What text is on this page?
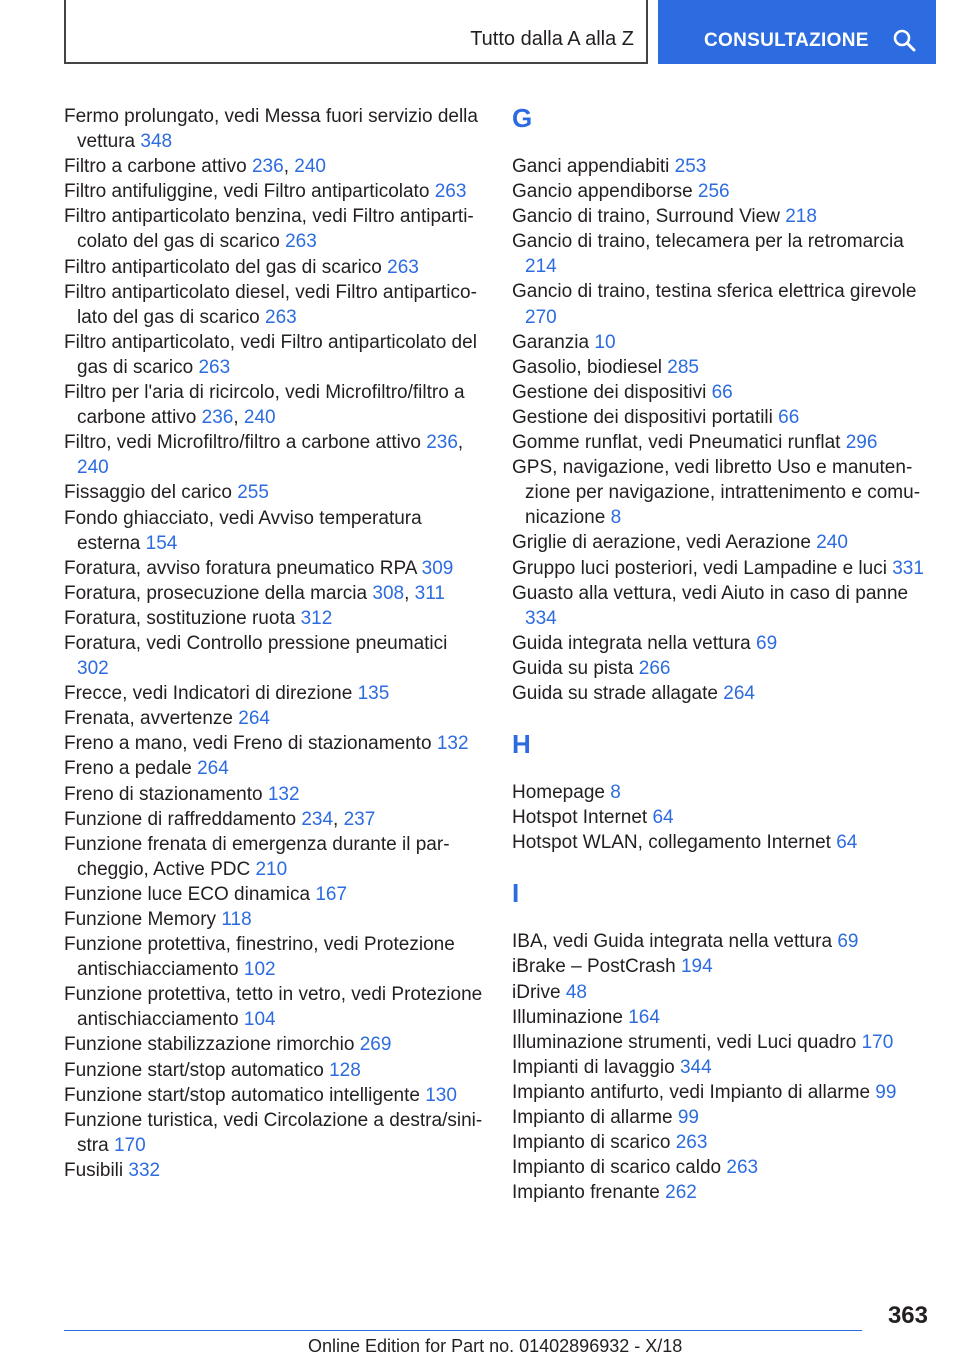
Tutto dalla A alla Z	CONSULTAZIONE
Fermo prolungato, vedi Messa fuori servizio della vettura 348
Filtro a carbone attivo 236, 240
Filtro antifuliggine, vedi Filtro antiparticolato 263
Filtro antiparticolato benzina, vedi Filtro antiparticolato del gas di scarico 263
Filtro antiparticolato del gas di scarico 263
Filtro antiparticolato diesel, vedi Filtro antiparticolato del gas di scarico 263
Filtro antiparticolato, vedi Filtro antiparticolato del gas di scarico 263
Filtro per l'aria di ricircolo, vedi Microfiltro/filtro a carbone attivo 236, 240
Filtro, vedi Microfiltro/filtro a carbone attivo 236, 240
Fissaggio del carico 255
Fondo ghiacciato, vedi Avviso temperatura esterna 154
Foratura, avviso foratura pneumatico RPA 309
Foratura, prosecuzione della marcia 308, 311
Foratura, sostituzione ruota 312
Foratura, vedi Controllo pressione pneumatici 302
Frecce, vedi Indicatori di direzione 135
Frenata, avvertenze 264
Freno a mano, vedi Freno di stazionamento 132
Freno a pedale 264
Freno di stazionamento 132
Funzione di raffreddamento 234, 237
Funzione frenata di emergenza durante il parcheggio, Active PDC 210
Funzione luce ECO dinamica 167
Funzione Memory 118
Funzione protettiva, finestrino, vedi Protezione antischiacciamento 102
Funzione protettiva, tetto in vetro, vedi Protezione antischiacciamento 104
Funzione stabilizzazione rimorchio 269
Funzione start/stop automatico 128
Funzione start/stop automatico intelligente 130
Funzione turistica, vedi Circolazione a destra/sinistra 170
Fusibili 332
G
Ganci appendiabiti 253
Gancio appendiborse 256
Gancio di traino, Surround View 218
Gancio di traino, telecamera per la retromarcia 214
Gancio di traino, testina sferica elettrica girevole 270
Garanzia 10
Gasolio, biodiesel 285
Gestione dei dispositivi 66
Gestione dei dispositivi portatili 66
Gomme runflat, vedi Pneumatici runflat 296
GPS, navigazione, vedi libretto Uso e manutenzione per navigazione, intrattenimento e comunicazione 8
Griglie di aerazione, vedi Aerazione 240
Gruppo luci posteriori, vedi Lampadine e luci 331
Guasto alla vettura, vedi Aiuto in caso di panne 334
Guida integrata nella vettura 69
Guida su pista 266
Guida su strade allagate 264
H
Homepage 8
Hotspot Internet 64
Hotspot WLAN, collegamento Internet 64
I
IBA, vedi Guida integrata nella vettura 69
iBrake – PostCrash 194
iDrive 48
Illuminazione 164
Illuminazione strumenti, vedi Luci quadro 170
Impianti di lavaggio 344
Impianto antifurto, vedi Impianto di allarme 99
Impianto di allarme 99
Impianto di scarico 263
Impianto di scarico caldo 263
Impianto frenante 262
363
Online Edition for Part no. 01402896932 - X/18
